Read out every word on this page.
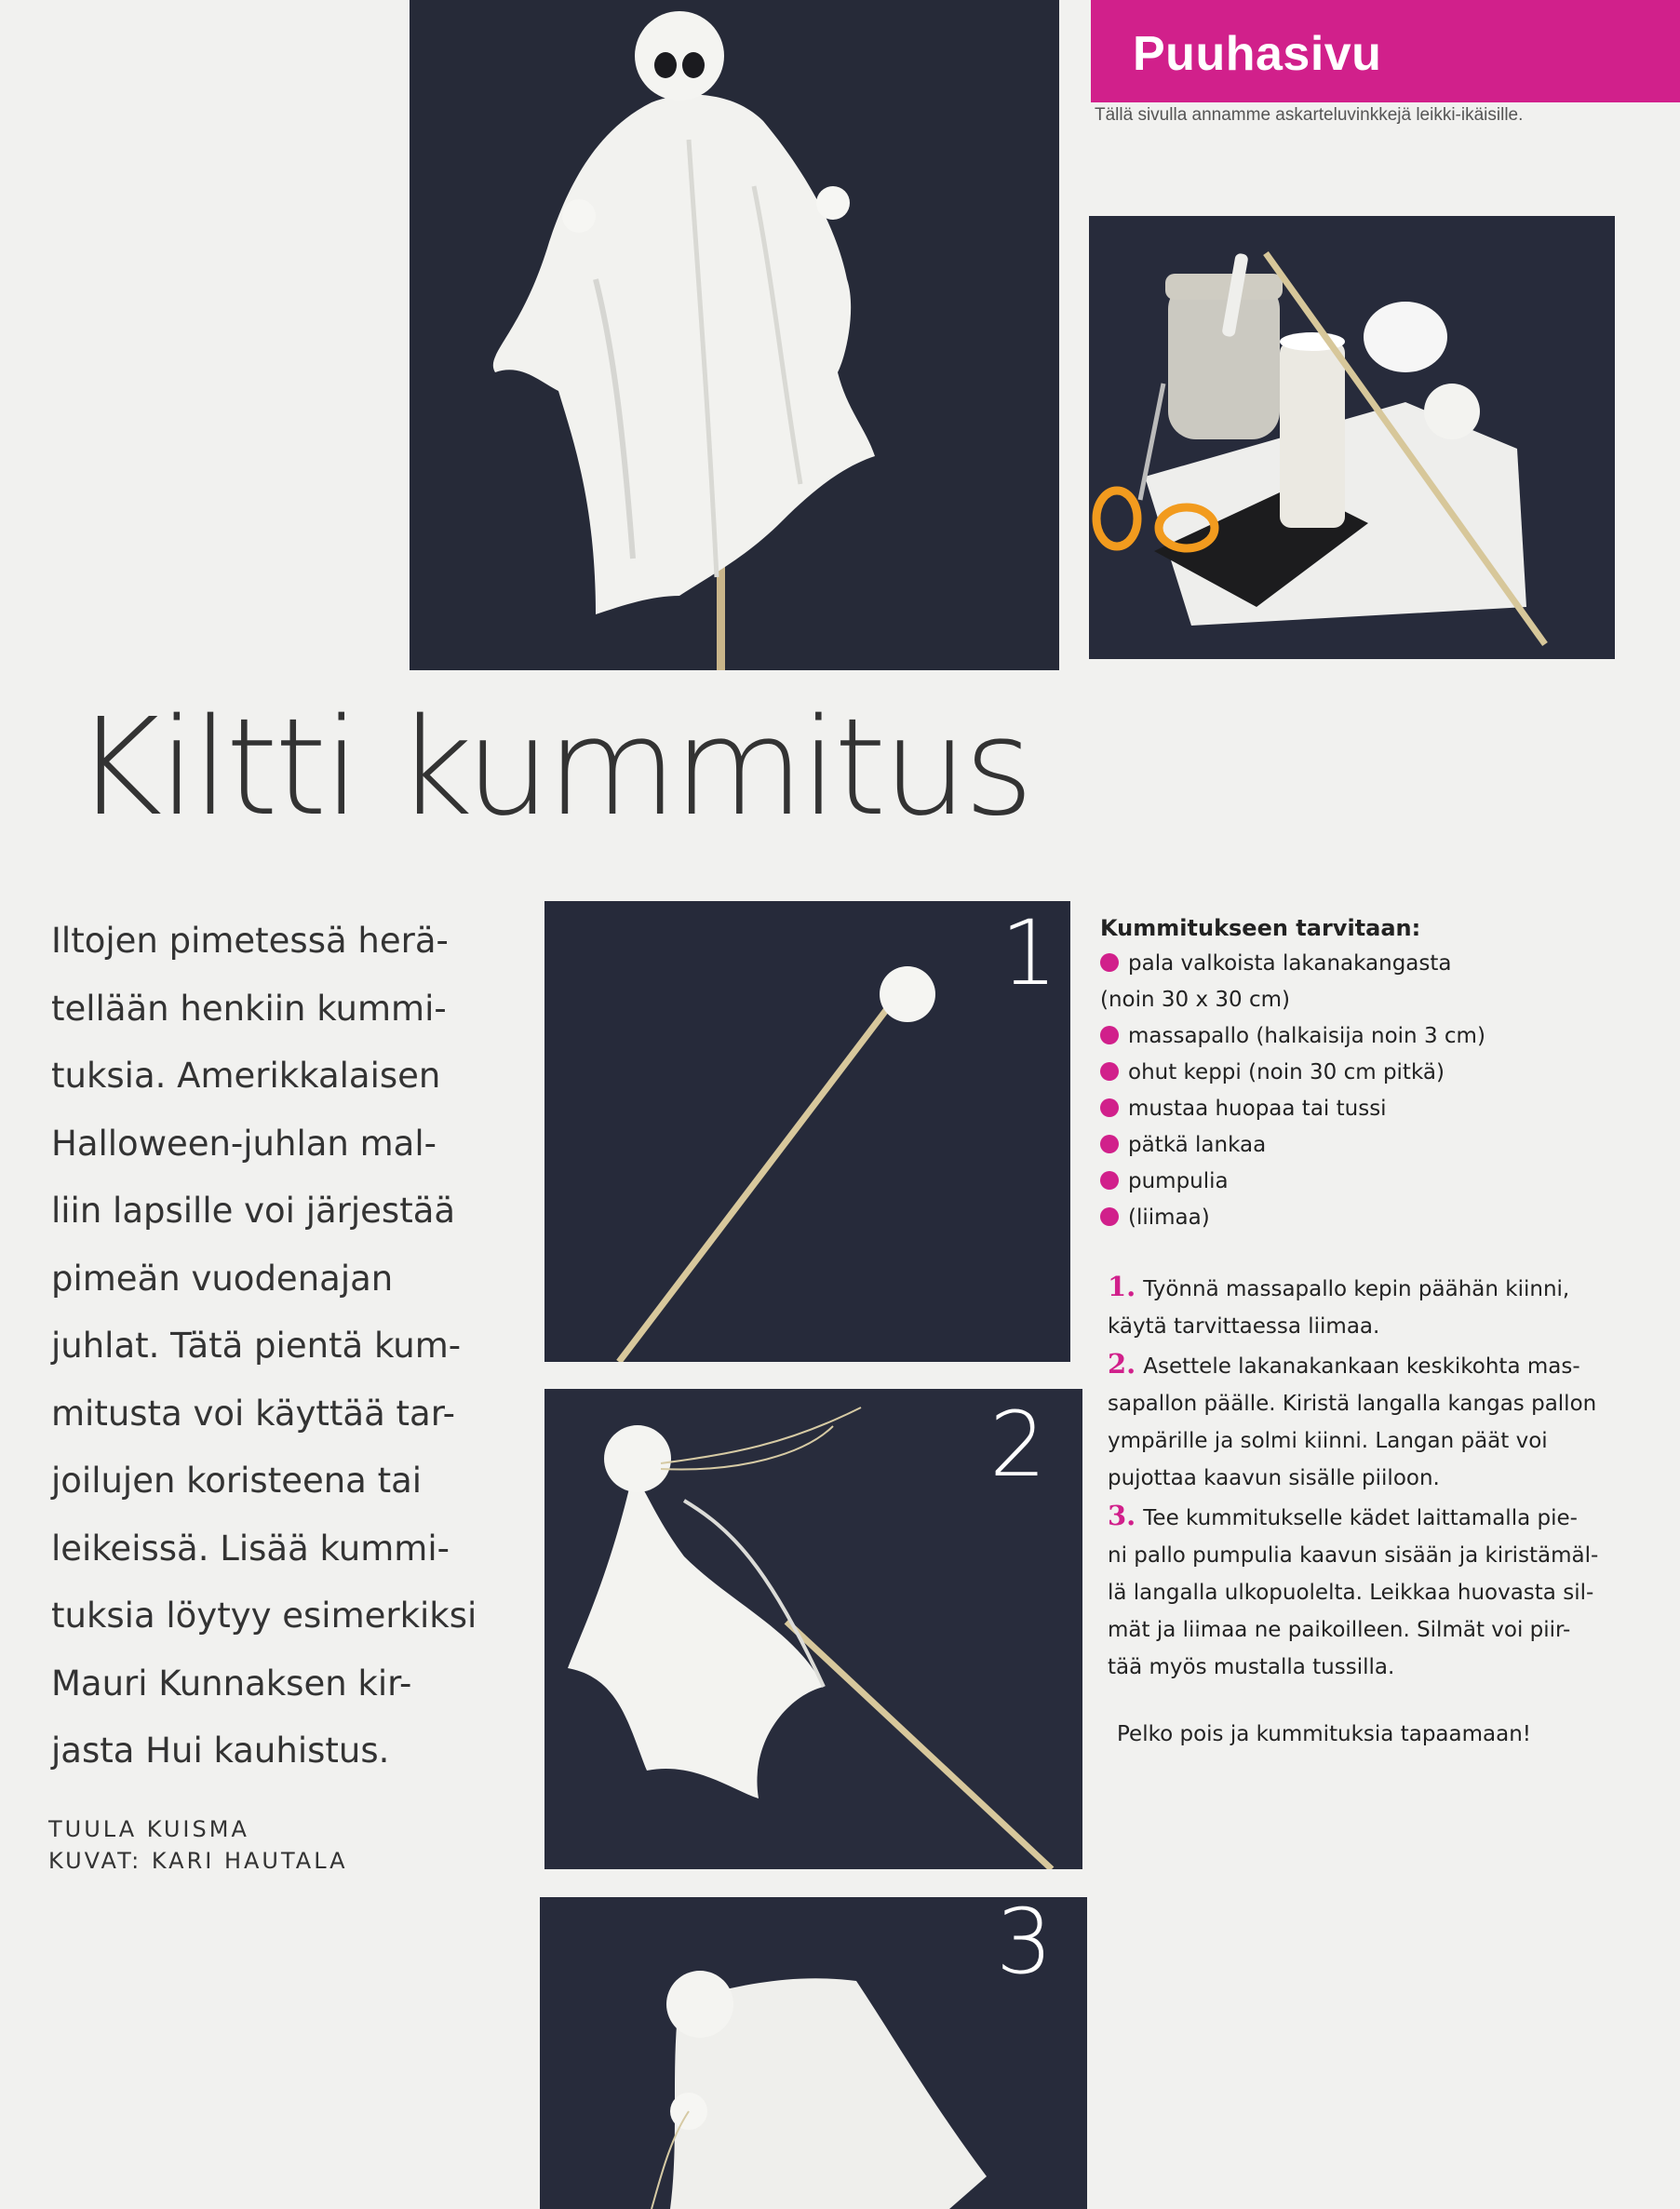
Puuhasivu
Tällä sivulla annamme askarteluvinkkejä leikki-ikäisille.
Kiltti kummitus
Iltojen pimetessä herä-
tellään henkiin kummi-
tuksia. Amerikkalaisen
Halloween-juhlan mal-
liin lapsille voi järjestää
pimeän vuodenajan
juhlat. Tätä pientä kum-
mitusta voi käyttää tar-
joilujen koristeena tai
leikeissä. Lisää kummi-
tuksia löytyy esimerkiksi
Mauri Kunnaksen kir-
jasta Hui kauhistus.
TUULA KUISMA
KUVAT: KARI HAUTALA
1
2
3
Kummitukseen tarvitaan:
pala valkoista lakanakangasta
(noin 30 x 30 cm)
massapallo (halkaisija noin 3 cm)
ohut keppi (noin 30 cm pitkä)
mustaa huopaa tai tussi
pätkä lankaa
pumpulia
(liimaa)
1. Työnnä massapallo kepin päähän kiinni,
käytä tarvittaessa liimaa.
2. Asettele lakanakankaan keskikohta mas-
sapallon päälle. Kiristä langalla kangas pallon
ympärille ja solmi kiinni. Langan päät voi
pujottaa kaavun sisälle piiloon.
3. Tee kummitukselle kädet laittamalla pie-
ni pallo pumpulia kaavun sisään ja kiristämäl-
lä langalla ulkopuolelta. Leikkaa huovasta sil-
mät ja liimaa ne paikoilleen. Silmät voi piir-
tää myös mustalla tussilla.
Pelko pois ja kummituksia tapaamaan!
